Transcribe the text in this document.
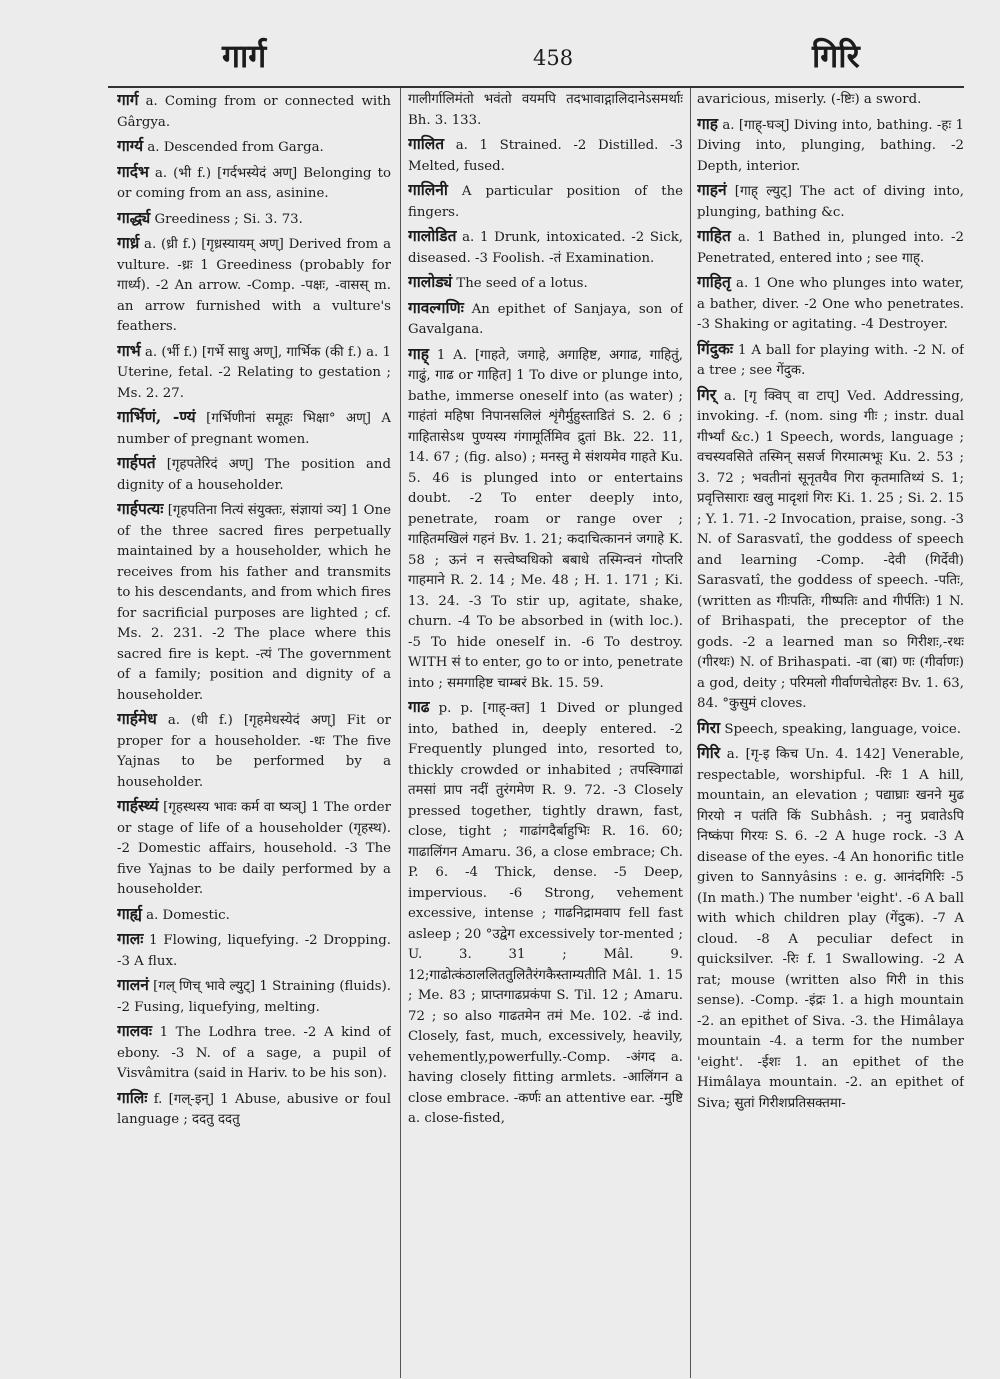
गार्ग	458	गिरि

गार्ग a. Coming from or connected with Gârgya.

गार्ग्य a. Descended from Garga.

गार्दभ a. (भी f.) [गर्दभस्येदं अण्] Belonging to or coming from an ass, asinine.

गार्द्ध्य Greediness ; Si. 3. 73.

गार्ध्र a. (ध्री f.) [गृध्रस्यायम् अण्] Derived from a vulture. -ध्रः 1 Greediness (probably for गार्ध्य). -2 An arrow. -Comp. -पक्षः, -वासस् m. an arrow furnished with a vulture's feathers.

गार्भ a. (र्भी f.) [गर्भे साधु अण्], गार्भिक (की f.) a. 1 Uterine, fetal. -2 Relating to gestation ; Ms. 2. 27.

गार्भिणं, -ण्यं [गर्भिणीनां समूहः भिक्षा° अण्] A number of pregnant women.

गार्हपतं [गृहपतेरिदं अण्] The position and dignity of a householder.

गार्हपत्यः [गृहपतिना नित्यं संयुक्तः, संज्ञायां ञ्य] 1 One of the three sacred fires perpetually maintained by a householder, which he receives from his father and transmits to his descendants, and from which fires for sacrificial purposes are lighted ; cf. Ms. 2. 231. -2 The place where this sacred fire is kept. -त्यं The government of a family; position and dignity of a householder.

गार्हमेध a. (धी f.) [गृहमेधस्येदं अण्] Fit or proper for a householder. -धः The five Yajnas to be performed by a householder.

गार्हस्थ्यं [गृहस्थस्य भावः कर्म वा ष्यञ्] 1 The order or stage of life of a householder (गृहस्थ). -2 Domestic affairs, household. -3 The five Yajnas to be daily performed by a householder.

गार्ह्य a. Domestic.

गालः 1 Flowing, liquefying. -2 Dropping. -3 A flux.

गालनं [गल् णिच् भावे ल्युट्] 1 Straining (fluids). -2 Fusing, liquefying, melting.

गालवः 1 The Lodhra tree. -2 A kind of ebony. -3 N. of a sage, a pupil of Visvâmitra (said in Hariv. to be his son).

गालिः f. [गल्-इन्] 1 Abuse, abusive or foul language ; ददतु ददतु

गालीर्गालिमंतो भवंतो वयमपि तदभावाद्गालिदानेऽसमर्थाः Bh. 3. 133.

गालित a. 1 Strained. -2 Distilled. -3 Melted, fused.

गालिनी A particular position of the fingers.

गालोडित a. 1 Drunk, intoxicated. -2 Sick, diseased. -3 Foolish. -तं Examination.

गालोड्यं The seed of a lotus.

गावल्गणिः An epithet of Sanjaya, son of Gavalgana.

गाह् 1 A. [गाहते, जगाहे, अगाहिष्ट, अगाढ, गाहितुं, गाढुं, गाढ or गाहित] 1 To dive or plunge into, bathe, immerse oneself into (as water) ; गाहंतां महिषा निपानसलिलं शृंगैर्मुहुस्ताडितं S. 2. 6 ; गाहितासेऽथ पुण्यस्य गंगामूर्तिमिव द्रुतां Bk. 22. 11, 14. 67 ; (fig. also) ; मनस्तु मे संशयमेव गाहते Ku. 5. 46 is plunged into or entertains doubt. -2 To enter deeply into, penetrate, roam or range over ; गाहितमखिलं गहनं Bv. 1. 21; कदाचित्काननं जगाहे K. 58 ; ऊनं न सत्त्वेष्वधिको बबाधे तस्मिन्वनं गोप्तरि गाहमाने R. 2. 14 ; Me. 48 ; H. 1. 171 ; Ki. 13. 24. -3 To stir up, agitate, shake, churn. -4 To be absorbed in (with loc.). -5 To hide oneself in. -6 To destroy. WITH सं to enter, go to or into, penetrate into ; समगाहिष्ट चाम्बरं Bk. 15. 59.

गाढ p. p. [गाह्-क्त] 1 Dived or plunged into, bathed in, deeply entered. -2 Frequently plunged into, resorted to, thickly crowded or inhabited ; तपस्विगाढां तमसां प्राप नदीं तुरंगमेण R. 9. 72. -3 Closely pressed together, tightly drawn, fast, close, tight ; गाढांगदैर्बाहुभिः R. 16. 60; गाढालिंगन Amaru. 36, a close embrace; Ch. P. 6. -4 Thick, dense. -5 Deep, impervious. -6 Strong, vehement excessive, intense ; गाढनिद्रामवाप fell fast asleep ; 20 °उद्वेग excessively tor-mented ; U. 3. 31 ; Mâl. 9. 12;गाढोत्कंठाललिततुलितैरंगकैस्ताम्यतीति Mâl. 1. 15 ; Me. 83 ; प्राप्तगाढप्रकंपा S. Til. 12 ; Amaru. 72 ; so also गाढतमेन तमं Me. 102. -ढं ind. Closely, fast, much, excessively, heavily, vehemently,powerfully.-Comp. -अंगद a. having closely fitting armlets. -आलिंगन a close embrace. -कर्णः an attentive ear. -मुष्टि a. close-fisted,

avaricious, miserly. (-ष्टिः) a sword.

गाह a. [गाह्-घञ्] Diving into, bathing. -हः 1 Diving into, plunging, bathing. -2 Depth, interior.

गाहनं [गाह् ल्युट्] The act of diving into, plunging, bathing &c.

गाहित a. 1 Bathed in, plunged into. -2 Penetrated, entered into ; see गाह्.

गाहितृ a. 1 One who plunges into water, a bather, diver. -2 One who penetrates. -3 Shaking or agitating. -4 Destroyer.

गिंदुकः 1 A ball for playing with. -2 N. of a tree ; see गेंदुक.

गिर् a. [गृ क्विप् वा टाप्] Ved. Addressing, invoking. -f. (nom. sing गीः ; instr. dual गीर्भ्यां &c.) 1 Speech, words, language ; वचस्यवसिते तस्मिन् ससर्ज गिरमात्मभूः Ku. 2. 53 ; 3. 72 ; भवतीनां सूनृतयैव गिरा कृतमातिथ्यं S. 1; प्रवृत्तिसाराः खलु मादृशां गिरः Ki. 1. 25 ; Si. 2. 15 ; Y. 1. 71. -2 Invocation, praise, song. -3 N. of Sarasvatî, the goddess of speech and learning -Comp. -देवी (गिर्देवी) Sarasvatî, the goddess of speech. -पतिः, (written as गीःपतिः, गीष्पतिः and गीर्पतिः) 1 N. of Brihaspati, the preceptor of the gods. -2 a learned man so गिरीशः,-रथः (गीरथः) N. of Brihaspati. -वा (बा) णः (गीर्वाणः) a god, deity ; परिमलो गीर्वाणचेतोहरः Bv. 1. 63, 84. °कुसुमं cloves.

गिरा Speech, speaking, language, voice.

गिरि a. [गृ-इ किच Un. 4. 142] Venerable, respectable, worshipful. -रिः 1 A hill, mountain, an elevation ; पद्याघ्राः खनने मुढ गिरयो न पतंति किं Subhâsh. ; ननु प्रवातेऽपि निष्कंपा गिरयः S. 6. -2 A huge rock. -3 A disease of the eyes. -4 An honorific title given to Sannyâsins : e. g. आनंदगिरिः -5 (In math.) The number 'eight'. -6 A ball with which children play (गेंदुक). -7 A cloud. -8 A peculiar defect in quicksilver. -रिः f. 1 Swallowing. -2 A rat; mouse (written also गिरी in this sense). -Comp. -इंद्रः 1. a high mountain -2. an epithet of Siva. -3. the Himâlaya mountain -4. a term for the number 'eight'. -ईशः 1. an epithet of the Himâlaya mountain. -2. an epithet of Siva; सुतां गिरीशप्रतिसक्तमा-
